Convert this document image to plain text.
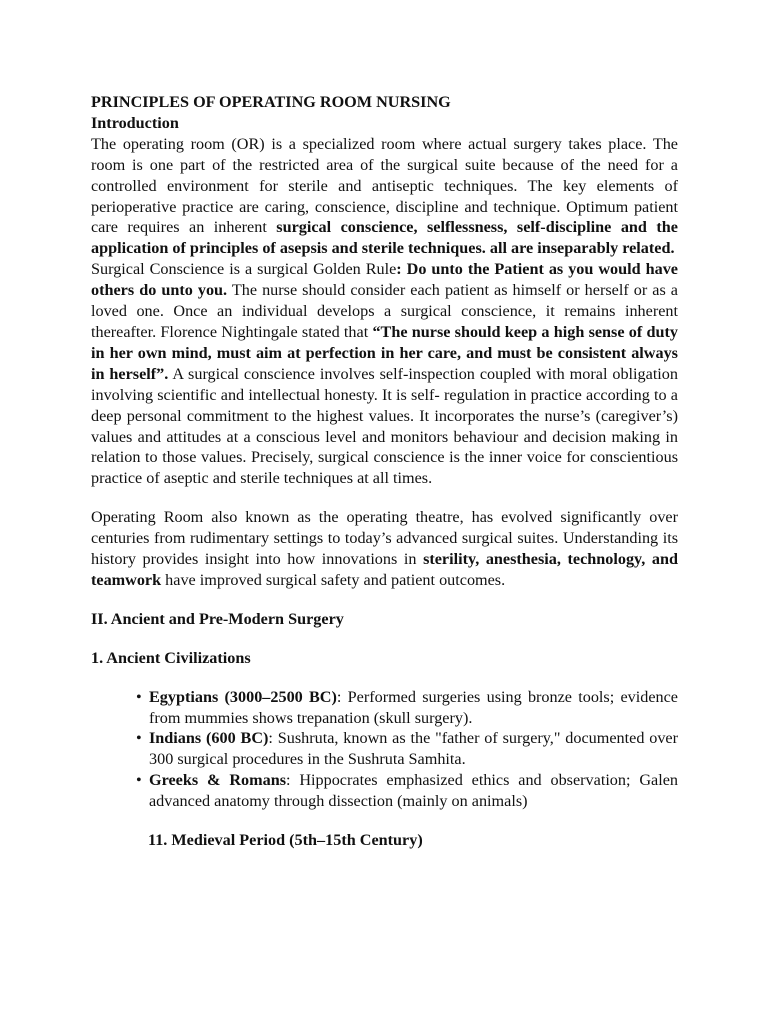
PRINCIPLES OF OPERATING ROOM NURSING
Introduction

The operating room (OR) is a specialized room where actual surgery takes place. The room is one part of the restricted area of the surgical suite because of the need for a controlled environment for sterile and antiseptic techniques. The key elements of perioperative practice are caring, conscience, discipline and technique. Optimum patient care requires an inherent surgical conscience, selflessness, self-discipline and the application of principles of asepsis and sterile techniques. all are inseparably related.

Surgical Conscience is a surgical Golden Rule: Do unto the Patient as you would have others do unto you. The nurse should consider each patient as himself or herself or as a loved one. Once an individual develops a surgical conscience, it remains inherent thereafter. Florence Nightingale stated that “The nurse should keep a high sense of duty in her own mind, must aim at perfection in her care, and must be consistent always in herself”. A surgical conscience involves self-inspection coupled with moral obligation involving scientific and intellectual honesty. It is self- regulation in practice according to a deep personal commitment to the highest values. It incorporates the nurse’s (caregiver’s) values and attitudes at a conscious level and monitors behaviour and decision making in relation to those values. Precisely, surgical conscience is the inner voice for conscientious practice of aseptic and sterile techniques at all times.

Operating Room also known as the operating theatre, has evolved significantly over centuries from rudimentary settings to today’s advanced surgical suites. Understanding its history provides insight into how innovations in sterility, anesthesia, technology, and teamwork have improved surgical safety and patient outcomes.

II. Ancient and Pre-Modern Surgery
1. Ancient Civilizations
• Egyptians (3000–2500 BC): Performed surgeries using bronze tools; evidence from mummies shows trepanation (skull surgery).
• Indians (600 BC): Sushruta, known as the "father of surgery," documented over 300 surgical procedures in the Sushruta Samhita.
• Greeks & Romans: Hippocrates emphasized ethics and observation; Galen advanced anatomy through dissection (mainly on animals)
11. Medieval Period (5th–15th Century)
